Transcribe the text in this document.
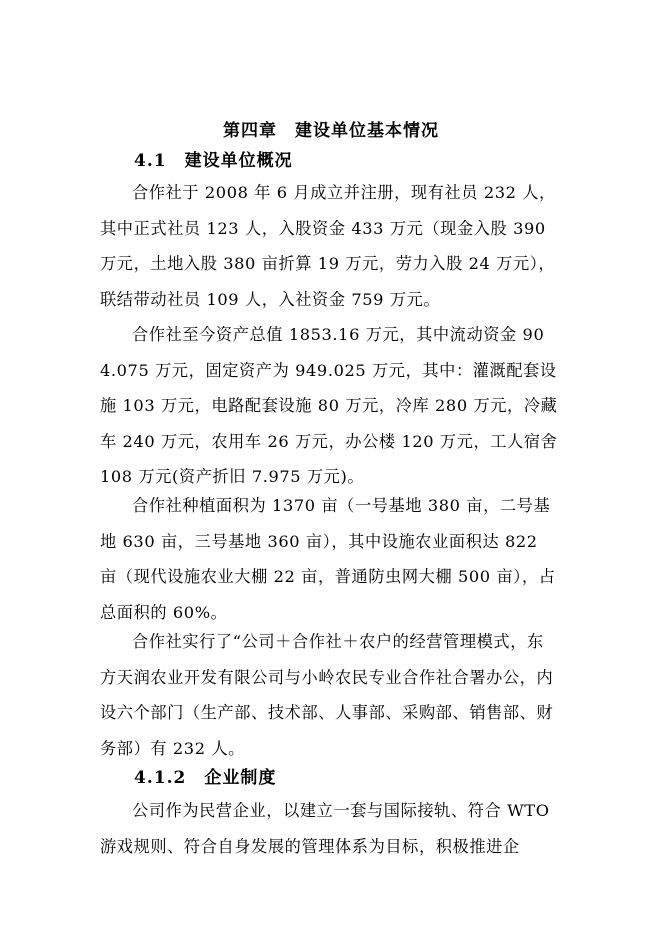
第四章　建设单位基本情况
4.1　建设单位概况

合作社于 2008 年 6 月成立并注册，现有社员 232 人，其中正式社员 123 人，入股资金 433 万元（现金入股 390 万元，土地入股 380 亩折算 19 万元，劳力入股 24 万元），联结带动社员 109 人，入社资金 759 万元。

合作社至今资产总值 1853.16 万元，其中流动资金 904.075 万元，固定资产为 949.025 万元，其中：灌溉配套设施 103 万元，电路配套设施 80 万元，冷库 280 万元，冷藏车 240 万元，农用车 26 万元，办公楼 120 万元，工人宿舍 108 万元(资产折旧 7.975 万元)。

合作社种植面积为 1370 亩（一号基地 380 亩，二号基地 630 亩，三号基地 360 亩），其中设施农业面积达 822 亩（现代设施农业大棚 22 亩，普通防虫网大棚 500 亩），占总面积的 60%。

合作社实行了“公司＋合作社＋农户的经营管理模式，东方天润农业开发有限公司与小岭农民专业合作社合署办公，内设六个部门（生产部、技术部、人事部、采购部、销售部、财务部）有 232 人。

4.1.2　企业制度

公司作为民营企业，以建立一套与国际接轨、符合 WTO 游戏规则、符合自身发展的管理体系为目标，积极推进企
